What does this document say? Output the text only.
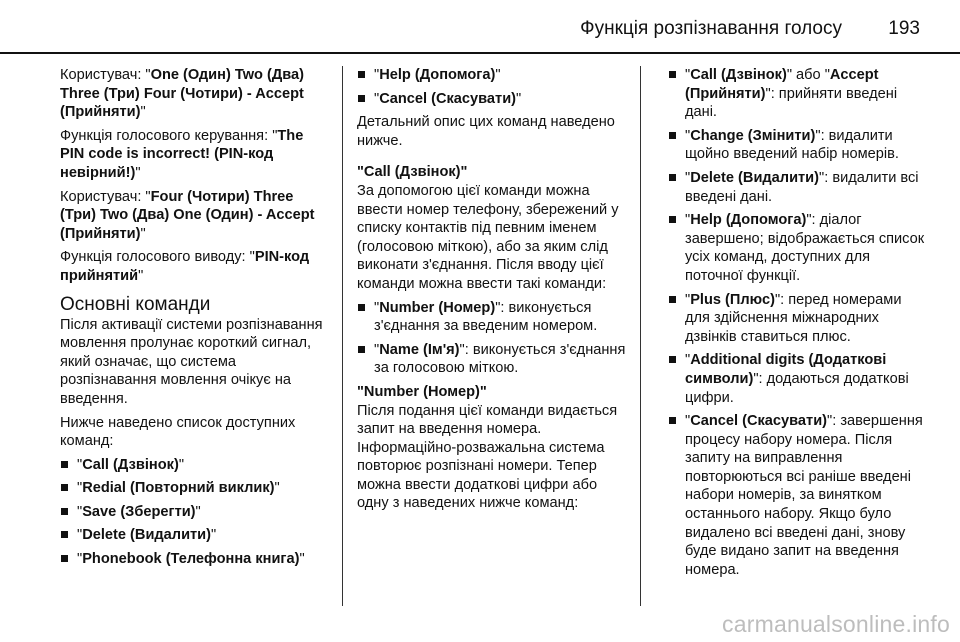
Функція розпізнавання голосу 193

Користувач: "One (Один) Two (Два) Three (Три) Four (Чотири) - Accept (Прийняти)"

Функція голосового керування: "The PIN code is incorrect! (PIN-код невірний!)"

Користувач: "Four (Чотири) Three (Три) Two (Два) One (Один) - Accept (Прийняти)"

Функція голосового виводу: "PIN-код прийнятий"

Основні команди

Після активації системи розпізнавання мовлення пролунає короткий сигнал, який означає, що система розпізнавання мовлення очікує на введення.

Нижче наведено список доступних команд:

"Call (Дзвінок)"
"Redial (Повторний виклик)"
"Save (Зберегти)"
"Delete (Видалити)"
"Phonebook (Телефонна книга)"
"Help (Допомога)"
"Cancel (Скасувати)"

Детальний опис цих команд наведено нижче.

"Call (Дзвінок)"

За допомогою цієї команди можна ввести номер телефону, збережений у списку контактів під певним іменем (голосовою міткою), або за яким слід виконати з'єднання. Після вводу цієї команди можна ввести такі команди:

"Number (Номер)": виконується з'єднання за введеним номером.
"Name (Ім'я)": виконується з'єднання за голосовою міткою.

"Number (Номер)"

Після подання цієї команди видається запит на введення номера. Інформаційно-розважальна система повторює розпізнані номери. Тепер можна ввести додаткові цифри або одну з наведених нижче команд:

"Call (Дзвінок)" або "Accept (Прийняти)": прийняти введені дані.
"Change (Змінити)": видалити щойно введений набір номерів.
"Delete (Видалити)": видалити всі введені дані.
"Help (Допомога)": діалог завершено; відображається список усіх команд, доступних для поточної функції.
"Plus (Плюс)": перед номерами для здійснення міжнародних дзвінків ставиться плюс.
"Additional digits (Додаткові символи)": додаються додаткові цифри.
"Cancel (Скасувати)": завершення процесу набору номера. Після запиту на виправлення повторюються всі раніше введені набори номерів, за винятком останнього набору. Якщо було видалено всі введені дані, знову буде видано запит на введення номера.
carmanualsonline.info
